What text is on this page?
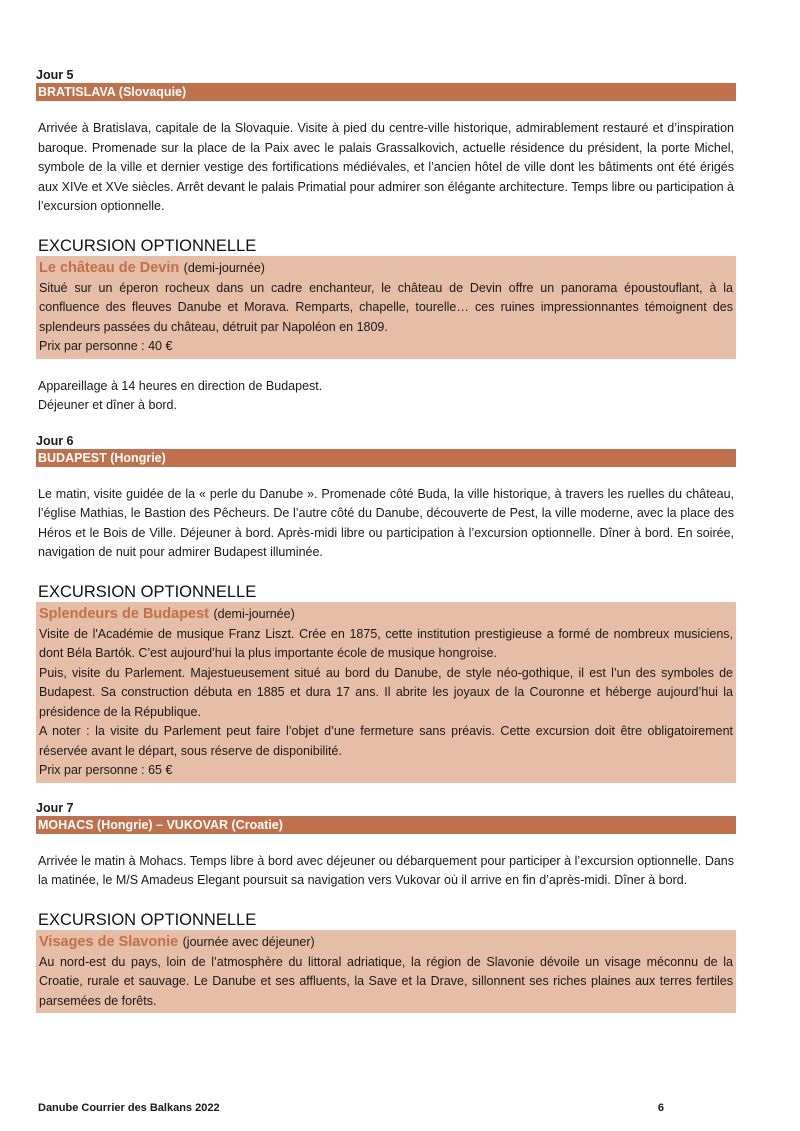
Jour 5

BRATISLAVA (Slovaquie)

Arrivée à Bratislava, capitale de la Slovaquie. Visite à pied du centre-ville historique, admirablement restauré et d’inspiration baroque. Promenade sur la place de la Paix avec le palais Grassalkovich, actuelle résidence du président, la porte Michel, symbole de la ville et dernier vestige des fortifications médiévales, et l’ancien hôtel de ville dont les bâtiments ont été érigés aux XIVe et XVe siècles. Arrêt devant le palais Primatial pour admirer son élégante architecture. Temps libre ou participation à l’excursion optionnelle.

EXCURSION OPTIONNELLE
Le château de Devin (demi-journée)
Situé sur un éperon rocheux dans un cadre enchanteur, le château de Devin offre un panorama époustouflant, à la confluence des fleuves Danube et Morava. Remparts, chapelle, tourelle… ces ruines impressionnantes témoignent des splendeurs passées du château, détruit par Napoléon en 1809.
Prix par personne : 40 €

Appareillage à 14 heures en direction de Budapest.

Déjeuner et dîner à bord.

Jour 6

BUDAPEST (Hongrie)

Le matin, visite guidée de la « perle du Danube ». Promenade côté Buda, la ville historique, à travers les ruelles du château, l’église Mathias, le Bastion des Pêcheurs. De l’autre côté du Danube, découverte de Pest, la ville moderne, avec la place des Héros et le Bois de Ville. Déjeuner à bord. Après-midi libre ou participation à l’excursion optionnelle. Dîner à bord. En soirée, navigation de nuit pour admirer Budapest illuminée.

EXCURSION OPTIONNELLE
Splendeurs de Budapest (demi-journée)
Visite de l'Académie de musique Franz Liszt. Crée en 1875, cette institution prestigieuse a formé de nombreux musiciens, dont Béla Bartók. C’est aujourd’hui la plus importante école de musique hongroise.
Puis, visite du Parlement. Majestueusement situé au bord du Danube, de style néo-gothique, il est l’un des symboles de Budapest. Sa construction débuta en 1885 et dura 17 ans. Il abrite les joyaux de la Couronne et héberge aujourd’hui la présidence de la République.
A noter : la visite du Parlement peut faire l’objet d’une fermeture sans préavis. Cette excursion doit être obligatoirement réservée avant le départ, sous réserve de disponibilité.
Prix par personne : 65 €

Jour 7

MOHACS (Hongrie) – VUKOVAR (Croatie)

Arrivée le matin à Mohacs. Temps libre à bord avec déjeuner ou débarquement pour participer à l’excursion optionnelle. Dans la matinée, le M/S Amadeus Elegant poursuit sa navigation vers Vukovar où il arrive en fin d’après-midi. Dîner à bord.

EXCURSION OPTIONNELLE
Visages de Slavonie (journée avec déjeuner)
Au nord-est du pays, loin de l’atmosphère du littoral adriatique, la région de Slavonie dévoile un visage méconnu de la Croatie, rurale et sauvage. Le Danube et ses affluents, la Save et la Drave, sillonnent ses riches plaines aux terres fertiles parsemées de forêts.
Danube Courrier des Balkans 2022	6
